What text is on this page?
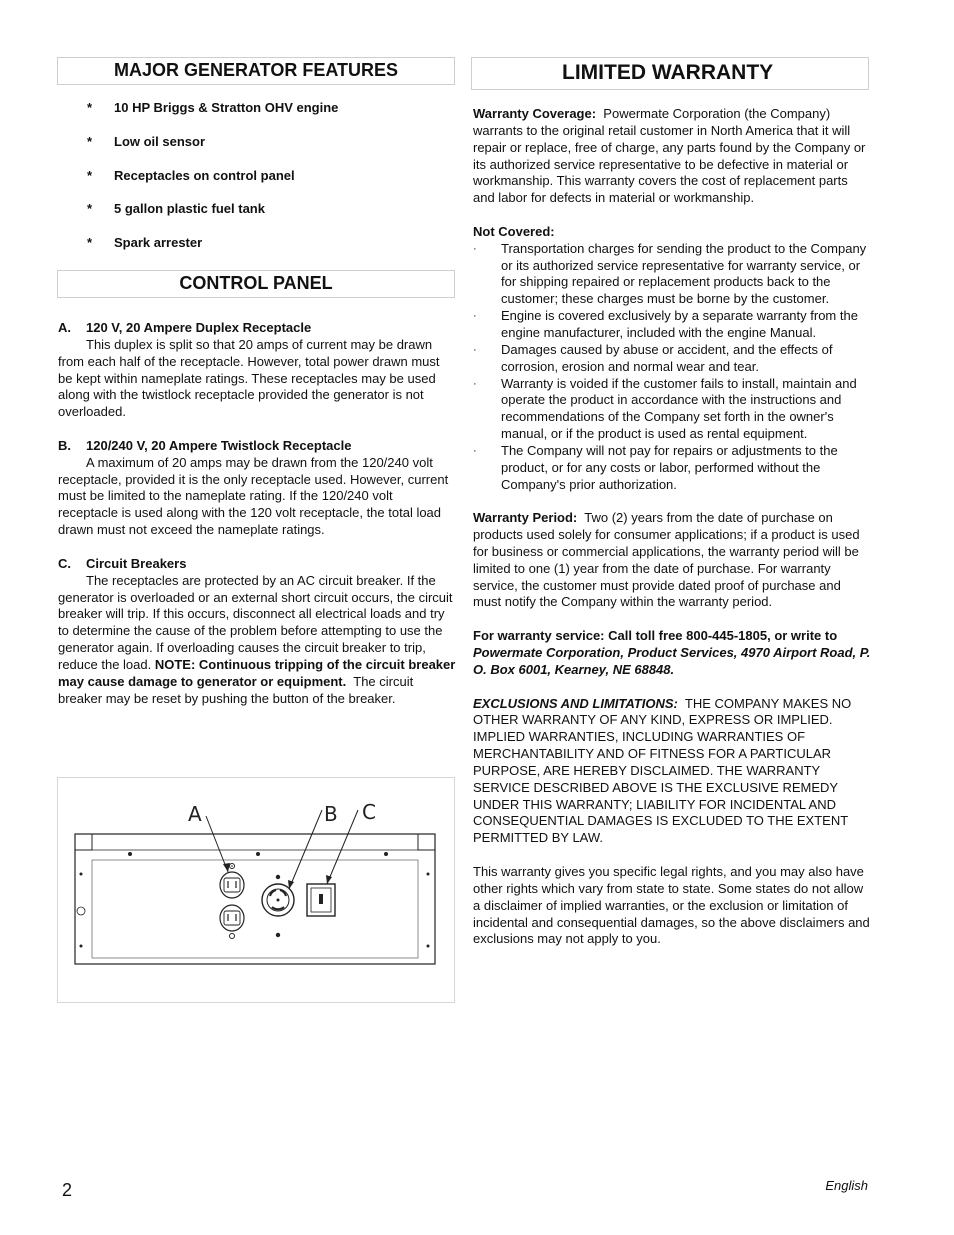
MAJOR GENERATOR FEATURES
* 10 HP Briggs & Stratton OHV engine
* Low oil sensor
* Receptacles on control panel
* 5 gallon plastic fuel tank
* Spark arrester
CONTROL PANEL

A. 120 V, 20 Ampere Duplex Receptacle

This duplex is split so that 20 amps of current may be drawn from each half of the receptacle. However, total power drawn must be kept within nameplate ratings. These receptacles may be used along with the twistlock receptacle provided the generator is not overloaded.

B. 120/240 V, 20 Ampere Twistlock Receptacle

A maximum of 20 amps may be drawn from the 120/240 volt receptacle, provided it is the only receptacle used. However, current must be limited to the nameplate rating. If the 120/240 volt receptacle is used along with the 120 volt receptacle, the total load drawn must not exceed the nameplate ratings.

C. Circuit Breakers

The receptacles are protected by an AC circuit breaker. If the generator is overloaded or an external short circuit occurs, the circuit breaker will trip. If this occurs, disconnect all electrical loads and try to determine the cause of the problem before attempting to use the generator again. If overloading causes the circuit breaker to trip, reduce the load. NOTE: Continuous tripping of the circuit breaker may cause damage to generator or equipment. The circuit breaker may be reset by pushing the button of the breaker.

A	B C
LIMITED WARRANTY

Warranty Coverage: Powermate Corporation (the Company) warrants to the original retail customer in North America that it will repair or replace, free of charge, any parts found by the Company or its authorized service representative to be defective in material or workmanship. This warranty covers the cost of replacement parts and labor for defects in material or workmanship.

Not Covered:

· Transportation charges for sending the product to the Company or its authorized service representative for warranty service, or for shipping repaired or replacement products back to the customer; these charges must be borne by the customer.
· Engine is covered exclusively by a separate warranty from the engine manufacturer, included with the engine Manual.
· Damages caused by abuse or accident, and the effects of corrosion, erosion and normal wear and tear.
· Warranty is voided if the customer fails to install, maintain and operate the product in accordance with the instructions and recommendations of the Company set forth in the owner's manual, or if the product is used as rental equipment.
· The Company will not pay for repairs or adjustments to the product, or for any costs or labor, performed without the Company's prior authorization.

Warranty Period: Two (2) years from the date of purchase on products used solely for consumer applications; if a product is used for business or commercial applications, the warranty period will be limited to one (1) year from the date of purchase. For warranty service, the customer must provide dated proof of purchase and must notify the Company within the warranty period.

For warranty service: Call toll free 800-445-1805, or write to Powermate Corporation, Product Services, 4970 Airport Road, P. O. Box 6001, Kearney, NE 68848.

EXCLUSIONS AND LIMITATIONS: THE COMPANY MAKES NO OTHER WARRANTY OF ANY KIND, EXPRESS OR IMPLIED. IMPLIED WARRANTIES, INCLUDING WARRANTIES OF MERCHANTABILITY AND OF FITNESS FOR A PARTICULAR PURPOSE, ARE HEREBY DISCLAIMED. THE WARRANTY SERVICE DESCRIBED ABOVE IS THE EXCLUSIVE REMEDY UNDER THIS WARRANTY; LIABILITY FOR INCIDENTAL AND CONSEQUENTIAL DAMAGES IS EXCLUDED TO THE EXTENT PERMITTED BY LAW.

This warranty gives you specific legal rights, and you may also have other rights which vary from state to state. Some states do not allow a disclaimer of implied warranties, or the exclusion or limitation of incidental and consequential damages, so the above disclaimers and exclusions may not apply to you.

2	English
